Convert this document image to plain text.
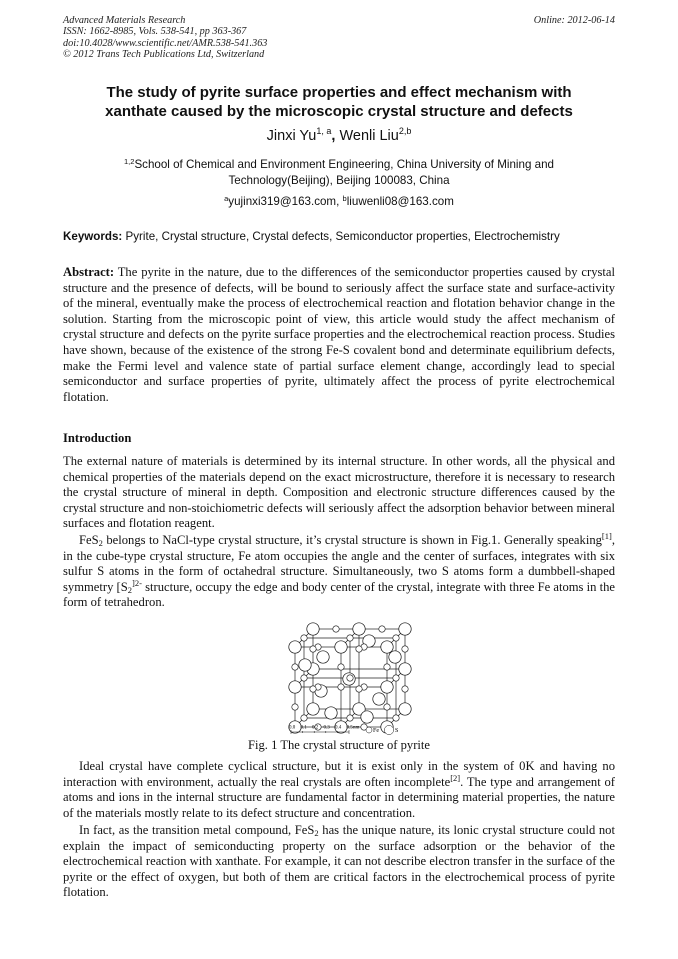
Advanced Materials Research
ISSN: 1662-8985, Vols. 538-541, pp 363-367
doi:10.4028/www.scientific.net/AMR.538-541.363
© 2012 Trans Tech Publications Ltd, Switzerland
Online: 2012-06-14
The study of pyrite surface properties and effect mechanism with
xanthate caused by the microscopic crystal structure and defects
Jinxi Yu$^{1, a}$, Wenli Liu$^{2,b}$
$^{1,2}$School of Chemical and Environment Engineering, China University of Mining and Technology(Beijing), Beijing 100083, China
$^a$yujinxi319@163.com, $^b$liuwenli08@163.com
Keywords: Pyrite, Crystal structure, Crystal defects, Semiconductor properties, Electrochemistry
Abstract: The pyrite in the nature, due to the differences of the semiconductor properties caused by crystal structure and the presence of defects, will be bound to seriously affect the surface state and surface-activity of the mineral, eventually make the process of electrochemical reaction and flotation behavior change in the solution. Starting from the microscopic point of view, this article would study the affect mechanism of crystal structure and defects on the pyrite surface properties and the electrochemical reaction process. Studies have shown, because of the existence of the strong Fe-S covalent bond and determinate equilibrium defects, make the Fermi level and valence state of partial surface element change, accordingly lead to special semiconductor and surface properties of pyrite, ultimately affect the process of pyrite electrochemical flotation.
Introduction
The external nature of materials is determined by its internal structure. In other words, all the physical and chemical properties of the materials depend on the exact microstructure, therefore it is necessary to research the crystal structure of mineral in depth. Composition and electronic structure differences caused by the crystal structure and non-stoichiometric defects will seriously affect the adsorption behavior between mineral surfaces and flotation reagent.
FeS$_2$ belongs to NaCl-type crystal structure, it’s crystal structure is shown in Fig.1. Generally speaking[1], in the cube-type crystal structure, Fe atom occupies the angle and the center of surfaces, integrates with six sulfur S atoms in the form of octahedral structure. Simultaneously, two S atoms form a dumbbell-shaped symmetry [$S_2^{]2-}$ structure, occupy the edge and body center of the crystal, integrate with three Fe atoms in the form of tetrahedron.
0.0 0.1 0.2 0.3 0.4 0.5 nm Fe	S
Fig. 1 The crystal structure of pyrite
Ideal crystal have complete cyclical structure, but it is exist only in the system of 0K and having no interaction with environment, actually the real crystals are often incomplete[2]. The type and arrangement of atoms and ions in the internal structure are fundamental factor in determining material properties, the nature of the materials mostly relate to its defect structure and concentration.
In fact, as the transition metal compound, FeS$_2$ has the unique nature, its lonic crystal structure could not explain the impact of semiconducting property on the surface adsorption or the behavior of the electrochemical reaction with xanthate. For example, it can not describe electron transfer in the surface of the pyrite or the effect of oxygen, but both of them are critical factors in the electrochemical process of pyrite flotation.
